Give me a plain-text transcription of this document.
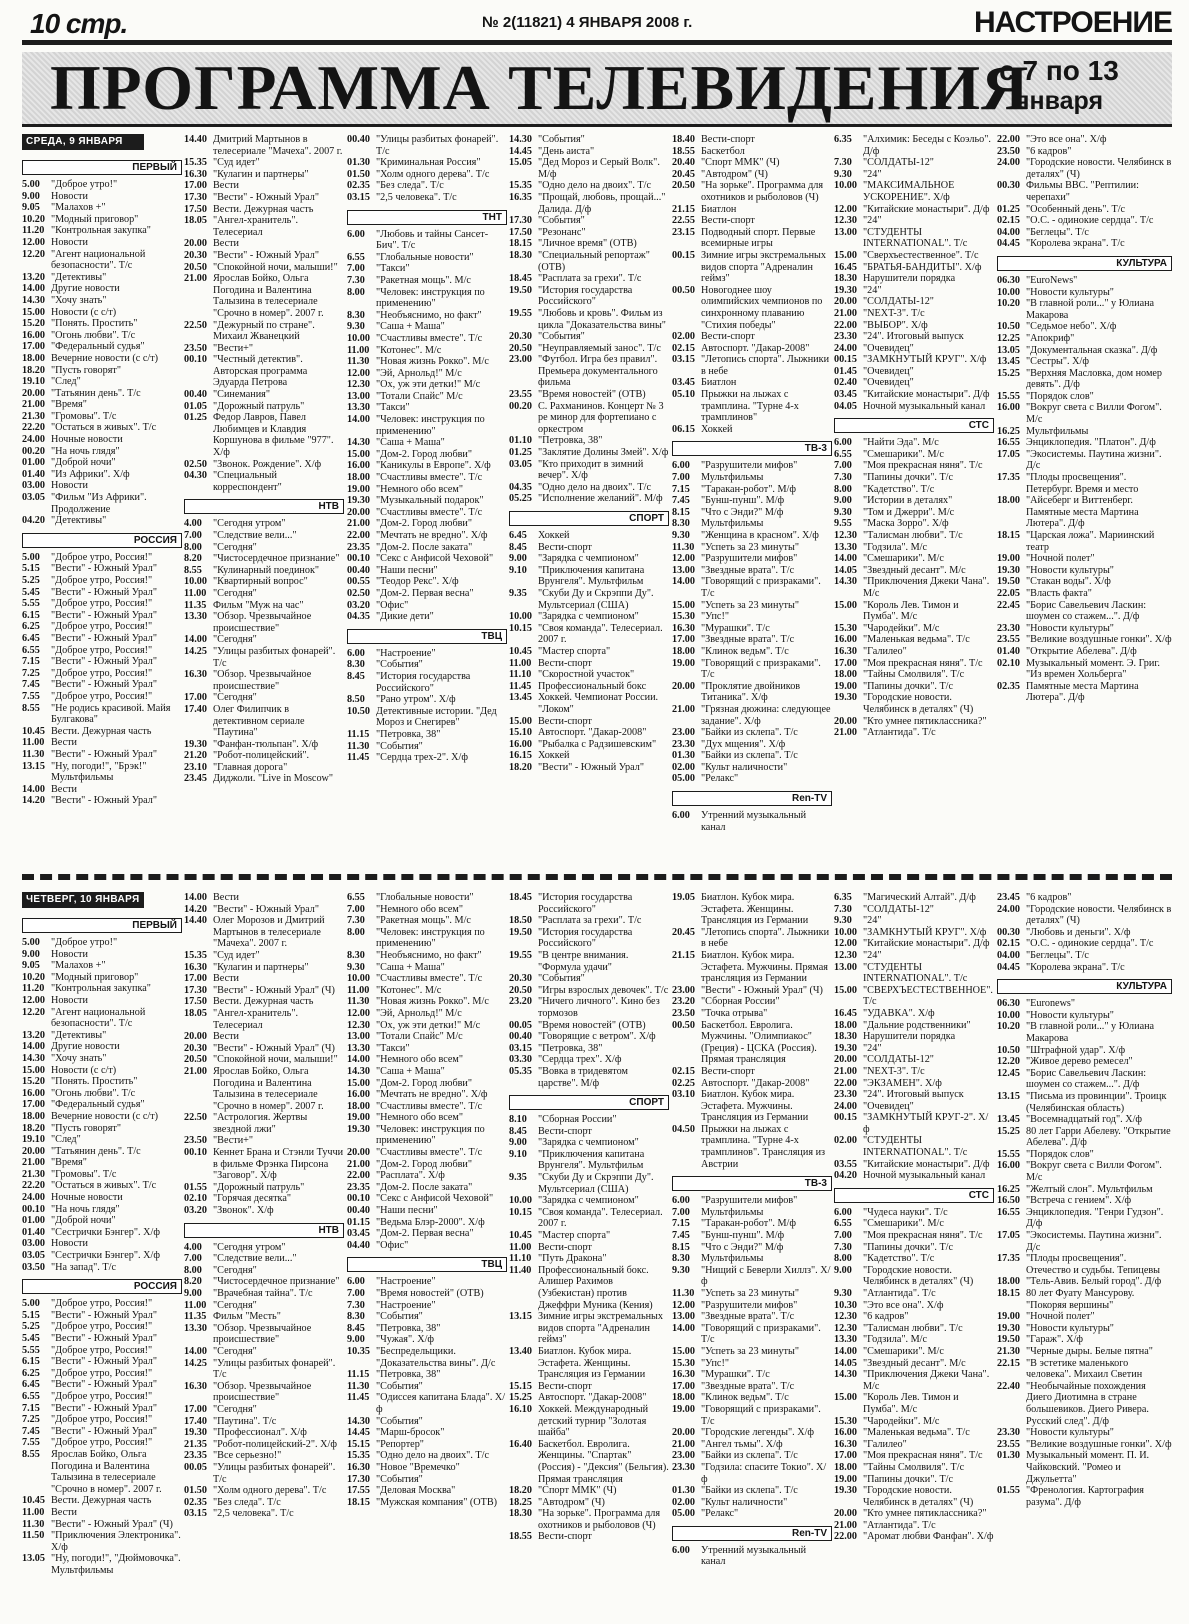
10 стр.	№ 2(11821) 4 ЯНВАРЯ 2008 г.	НАСТРОЕНИЕ
ПРОГРАММА ТЕЛЕВИДЕНИЯ
с 7 по 13
января
СРЕДА, 9 ЯНВАРЯ
ПЕРВЫЙ
5.00	"Доброе утро!"
9.00	Новости
9.05	"Малахов +"
10.20 "Модный приговор"
11.20 "Контрольная закупка"
12.00 Новости
12.20 "Агент национальной безопасности". Т/с
13.20 "Детективы"
14.00 Другие новости
14.30 "Хочу знать"
15.00 Новости (с с/т)
15.20 "Понять. Простить"
16.00 "Огонь любви". Т/с
17.00 "Федеральный судья"
18.00 Вечерние новости (с с/т)
18.20 "Пусть говорят"
19.10 "След"
20.00 "Татьянин день". Т/с
21.00 "Время"
21.30 "Громовы". Т/с
22.20 "Остаться в живых". Т/с
24.00 Ночные новости
00.20 "На ночь глядя"
01.00 "Доброй ночи"
01.40 "Из Африки". Х/ф
03.00 Новости
03.05 "Фильм "Из Африки". Продолжение
04.20 "Детективы"
РОССИЯ
5.00	"Доброе утро, Россия!"
5.15	"Вести" - Южный Урал"
5.25	"Доброе утро, Россия!"
5.45	"Вести" - Южный Урал"
5.55	"Доброе утро, Россия!"
6.15	"Вести" - Южный Урал"
6.25	"Доброе утро, Россия!"
6.45	"Вести" - Южный Урал"
6.55	"Доброе утро, Россия!"
7.15	"Вести" - Южный Урал"
7.25	"Доброе утро, Россия!"
7.45	"Вести" - Южный Урал"
7.55	"Доброе утро, Россия!"
8.55	"Не родись красивой. Майя Булгакова"
10.45 Вести. Дежурная часть
11.00 Вести
11.30 "Вести" - Южный Урал"
13.15 "Ну, погоди!", "Брэк!" Мультфильмы
14.00 Вести
14.20 "Вести" - Южный Урал"
14.40 Дмитрий Мартынов в телесериале "Мачеха". 2007 г.
15.35 "Суд идет"
16.30 "Кулагин и партнеры"
17.00 Вести
17.30 "Вести" - Южный Урал"
17.50 Вести. Дежурная часть
18.05 "Ангел-хранитель". Телесериал
20.00 Вести
20.30 "Вести" - Южный Урал"
20.50 "Спокойной ночи, малыши!"
21.00 Ярослав Бойко, Ольга Погодина и Валентина Талызина в телесериале "Срочно в номер". 2007 г.
22.50 "Дежурный по стране". Михаил Жванецкий
23.50 "Вести+"
00.10 "Честный детектив". Авторская программа Эдуарда Петрова
00.40 "Синемания"
01.05 "Дорожный патруль"
01.25 Федор Лавров, Павел Любимцев и Клавдия Коршунова в фильме "977". Х/ф
02.50 "Звонок. Рождение". Х/ф
04.30 "Специальный корреспондент"
НТВ
4.00	"Сегодня утром"
7.00	"Следствие вели..."
8.00	"Сегодня"
8.20	"Чистосердечное признание"
8.55	"Кулинарный поединок"
10.00 "Квартирный вопрос"
11.00 "Сегодня"
11.35 Фильм "Муж на час"
13.30 "Обзор. Чрезвычайное происшествие"
14.00 "Сегодня"
14.25 "Улицы разбитых фонарей". Т/с
16.30 "Обзор. Чрезвычайное происшествие"
17.00 "Сегодня"
17.40 Олег Филипчик в детективном сериале "Паутина"
19.30 "Фанфан-тюльпан". Х/ф
21.20 "Робот-полицейский".
23.10 "Главная дорога"
23.45 Диджоли. "Live in Moscow"
00.40 "Улицы разбитых фонарей". Т/с
01.30 "Криминальная Россия"
01.50 "Холм одного дерева". Т/с
02.35 "Без следа". Т/с
03.15 "2,5 человека". Т/с
ТНТ
6.00	"Любовь и тайны Сансет-Бич". Т/с
6.55	"Глобальные новости"
7.00	"Такси"
7.30	"Ракетная мощь". М/с
8.00	"Человек: инструкция по применению"
8.30	"Необъяснимо, но факт"
9.30	"Саша + Маша"
10.00 "Счастливы вместе". Т/с
11.00 "Котонес". М/с
11.30 "Новая жизнь Рокко". М/с
12.00 "Эй, Арнольд!" М/с
12.30 "Ох, уж эти детки!" М/с
13.00 "Тотали Спайс" М/с
13.30 "Такси"
14.00 "Человек: инструкция по применению"
14.30 "Саша + Маша"
15.00 "Дом-2. Город любви"
16.00 "Каникулы в Европе". Х/ф
18.00 "Счастливы вместе". Т/с
19.00 "Немного обо всем"
19.30 "Музыкальный подарок"
20.00 "Счастливы вместе". Т/с
21.00 "Дом-2. Город любви"
22.00 "Мечтать не вредно". Х/ф
23.35 "Дом-2. После заката"
00.10 "Секс с Анфисой Чеховой"
00.40 "Наши песни"
00.55 "Теодор Рекс". Х/ф
02.50 "Дом-2. Первая весна"
03.20 "Офис"
04.35 "Дикие дети"
ТВЦ
6.00	"Настроение"
8.30	"События"
8.45	"История государства Российского"
8.50	"Рано утром". Х/ф
10.50 Детективные истории. "Дед Мороз и Снегирев"
11.15 "Петровка, 38"
11.30 "События"
11.45 "Сердца трех-2". Х/ф
14.30 "События"
14.45 "День аиста"
15.05 "Дед Мороз и Серый Волк". М/ф
15.35 "Одно дело на двоих". Т/с
16.35 "Прощай, любовь, прощай..." Далида. Д/ф
17.30 "События"
17.50 "Резонанс"
18.15 "Личное время" (ОТВ)
18.30 "Специальный репортаж" (ОТВ)
18.45 "Расплата за грехи". Т/с
19.50 "История государства Российского"
19.55 "Любовь и кровь". Фильм из цикла "Доказательства вины"
20.30 "События"
20.50 "Неуправляемый занос". Т/с
23.00 "Футбол. Игра без правил". Премьера документального фильма
23.55 "Время новостей" (ОТВ)
00.20 С. Рахманинов. Концерт № 3 ре минор для фортепиано с оркестром
01.10 "Петровка, 38"
01.25 "Заклятие Долины Змей". Х/ф
03.05 "Кто приходит в зимний вечер". Х/ф
04.35 "Одно дело на двоих". Т/с
05.25 "Исполнение желаний". М/ф
СПОРТ
6.45	Хоккей
8.45	Вести-спорт
9.00	"Зарядка с чемпионом"
9.10	"Приключения капитана Врунгеля". Мультфильм
9.35	"Скуби Ду и Скрэппи Ду". Мультсериал (США)
10.00 "Зарядка с чемпионом"
10.15 "Своя команда". Телесериал. 2007 г.
10.45 "Мастер спорта"
11.00 Вести-спорт
11.10 "Скоростной участок"
11.45 Профессиональный бокс
13.45 Хоккей. Чемпионат России. "Локом"
15.00 Вести-спорт
15.10 Автоспорт. "Дакар-2008"
16.00 "Рыбалка с Радзишевским"
16.15 Хоккей
18.20 "Вести" - Южный Урал"
18.40 Вести-спорт
18.55 Баскетбол
20.40 "Спорт ММК" (Ч)
20.45 "Автодром" (Ч)
20.50 "На зорьке". Программа для охотников и рыболовов (Ч)
21.15 Биатлон
22.55 Вести-спорт
23.15 Подводный спорт. Первые всемирные игры
00.15 Зимние игры экстремальных видов спорта "Адреналин геймз"
00.50 Новогоднее шоу олимпийских чемпионов по синхронному плаванию "Стихия победы"
02.00 Вести-спорт
02.15 Автоспорт. "Дакар-2008"
03.15 "Летопись спорта". Лыжники в небе
03.45 Биатлон
05.10 Прыжки на лыжах с трамплина. "Турне 4-х трамплинов"
06.15 Хоккей
ТВ-3
6.00	"Разрушители мифов"
7.00	Мультфильмы
7.15	"Таракан-робот". М/ф
7.45	"Бунш-пунш". М/ф
8.15	"Что с Энди?" М/ф
8.30	Мультфильмы
9.30	"Женщина в красном". Х/ф
11.30 "Успеть за 23 минуты"
12.00 "Разрушители мифов"
13.00 "Звездные врата". Т/с
14.00 "Говорящий с призраками". Т/с
15.00 "Успеть за 23 минуты"
15.30 "Упс!"
16.30 "Мурашки". Т/с
17.00 "Звездные врата". Т/с
18.00 "Клинок ведьм". Т/с
19.00 "Говорящий с призраками". Т/с
20.00 "Проклятие двойников Титаника". Х/ф
21.00 "Грязная дюжина: следующее задание". Х/ф
23.00 "Байки из склепа". Т/с
23.30 "Дух мщения". Х/ф
01.30 "Байки из склепа". Т/с
02.00 "Культ наличности"
05.00 "Релакс"
Ren-TV
6.00	Утренний музыкальный канал
6.35	"Алхимик: Беседы с Коэльо". Д/ф
7.30	"СОЛДАТЫ-12"
9.30	"24"
10.00 "МАКСИМАЛЬНОЕ УСКОРЕНИЕ". Х/ф
12.00 "Китайские монастыри". Д/ф
12.30 "24"
13.00 "СТУДЕНТЫ INTERNATIONAL". Т/с
15.00 "Сверхъестественное". Т/с
16.45 "БРАТЬЯ-БАНДИТЫ". Х/ф
18.30 Нарушители порядка
19.30 "24"
20.00 "СОЛДАТЫ-12"
21.00 "NEXT-3". Т/с
22.00 "ВЫБОР". Х/ф
23.30 "24". Итоговый выпуск
24.00 "Очевидец"
00.15 "ЗАМКНУТЫЙ КРУГ". Х/ф
01.45 "Очевидец"
02.40 "Очевидец"
03.45 "Китайские монастыри". Д/ф
04.05 Ночной музыкальный канал
СТС
6.00	"Найти Эда". М/с
6.55	"Смешарики". М/с
7.00	"Моя прекрасная няня". Т/с
7.30	"Папины дочки". Т/с
8.00	"Кадетство". Т/с
9.00	"Истории в деталях"
9.30	"Том и Джерри". М/с
9.55	"Маска Зорро". Х/ф
12.30 "Талисман любви". Т/с
13.30 "Годзила". М/с
14.00 "Смешарики". М/с
14.05 "Звездный десант". М/с
14.30 "Приключения Джеки Чана". М/с
15.00 "Король Лев. Тимон и Пумба". М/с
15.30 "Чародейки". М/с
16.00 "Маленькая ведьма". Т/с
16.30 "Галилео"
17.00 "Моя прекрасная няня". Т/с
18.00 "Тайны Смолвиля". Т/с
19.00 "Папины дочки". Т/с
19.30 "Городские новости. Челябинск в деталях" (Ч)
20.00 "Кто умнее пятиклассника?"
21.00 "Атлантида". Т/с
22.00 "Это все она". Х/ф
23.50 "6 кадров"
24.00 "Городские новости. Челябинск в деталях" (Ч)
00.30 Фильмы BBC. "Рептилии: черепахи"
01.25 "Особенный день". Т/с
02.15 "О.С. - одинокие сердца". Т/с
04.00 "Беглецы". Т/с
04.45 "Королева экрана". Т/с
КУЛЬТУРА
06.30 "EuroNews"
10.00 "Новости культуры"
10.20 "В главной роли..." у Юлиана Макарова
10.50 "Седьмое небо". Х/ф
12.25 "Апокриф"
13.05 "Документальная сказка". Д/ф
13.45 "Сестры". Х/ф
15.25 "Верхняя Масловка, дом номер девять". Д/ф
15.55 "Порядок слов"
16.00 "Вокруг света с Вилли Фогом". М/с
16.25 Мультфильмы
16.55 Энциклопедия. "Платон". Д/ф
17.05 "Экосистемы. Паутина жизни". Д/с
17.35 "Плоды просвещения". Петербург. Время и место
18.00 "Айсеберг и Виттенберг. Памятные места Мартина Лютера". Д/ф
18.15 "Царская ложа". Мариинский театр
19.00 "Ночной полет"
19.30 "Новости культуры"
19.50 "Стакан воды". Х/ф
22.05 "Власть факта"
22.45 "Борис Савельевич Ласкин: шоумен со стажем...". Д/ф
23.30 "Новости культуры"
23.55 "Великие воздушные гонки". Х/ф
01.40 "Открытие Абелева". Д/ф
02.10 Музыкальный момент. Э. Григ. "Из времен Хольберга"
02.35 Памятные места Мартина Лютера". Д/ф
ЧЕТВЕРГ, 10 ЯНВАРЯ
ПЕРВЫЙ
5.00	"Доброе утро!"
9.00	Новости
9.05	"Малахов +"
10.20 "Модный приговор"
11.20 "Контрольная закупка"
12.00 Новости
12.20 "Агент национальной безопасности". Т/с
13.20 "Детективы"
14.00 Другие новости
14.30 "Хочу знать"
15.00 Новости (с с/т)
15.20 "Понять. Простить"
16.00 "Огонь любви". Т/с
17.00 "Федеральный судья"
18.00 Вечерние новости (с с/т)
18.20 "Пусть говорят"
19.10 "След"
20.00 "Татьянин день". Т/с
21.00 "Время"
21.30 "Громовы". Т/с
22.20 "Остаться в живых". Т/с
24.00 Ночные новости
00.10 "На ночь глядя"
01.00 "Доброй ночи"
01.40 "Сестрички Бэнгер". Х/ф
03.00 Новости
03.05 "Сестрички Бэнгер". Х/ф
03.50 "На запад". Т/с
РОССИЯ
5.00	"Доброе утро, Россия!"
5.15	"Вести" - Южный Урал"
5.25	"Доброе утро, Россия!"
5.45	"Вести" - Южный Урал"
5.55	"Доброе утро, Россия!"
6.15	"Вести" - Южный Урал"
6.25	"Доброе утро, Россия!"
6.45	"Вести" - Южный Урал"
6.55	"Доброе утро, Россия!"
7.15	"Вести" - Южный Урал"
7.25	"Доброе утро, Россия!"
7.45	"Вести" - Южный Урал"
7.55	"Доброе утро, Россия!"
8.55	Ярослав Бойко, Ольга Погодина и Валентина Талызина в телесериале "Срочно в номер". 2007 г.
10.45 Вести. Дежурная часть
11.00 Вести
11.30 "Вести" - Южный Урал" (Ч)
11.50 "Приключения Электроника". Х/ф
13.05 "Ну, погоди!", "Дюймовочка". Мультфильмы
14.00 Вести
14.20 "Вести" - Южный Урал"
14.40 Олег Морозов и Дмитрий Мартынов в телесериале "Мачеха". 2007 г.
15.35 "Суд идет"
16.30 "Кулагин и партнеры"
17.00 Вести
17.30 "Вести" - Южный Урал" (Ч)
17.50 Вести. Дежурная часть
18.05 "Ангел-хранитель". Телесериал
20.00 Вести
20.30 "Вести" - Южный Урал" (Ч)
20.50 "Спокойной ночи, малыши!"
21.00 Ярослав Бойко, Ольга Погодина и Валентина Талызина в телесериале "Срочно в номер". 2007 г.
22.50 "Астрология. Жертвы звездной лжи"
23.50 "Вести+"
00.10 Кеннет Брана и Стэнли Туччи в фильме Фрэнка Пирсона "Заговор". Х/ф
01.55 "Дорожный патруль"
02.10 "Горячая десятка"
03.20 "Звонок". Х/ф
НТВ
4.00	"Сегодня утром"
7.00	"Следствие вели..."
8.00	"Сегодня"
8.20	"Чистосердечное признание"
9.00	"Врачебная тайна". Т/с
11.00 "Сегодня"
11.35 Фильм "Месть"
13.30 "Обзор. Чрезвычайное происшествие"
14.00 "Сегодня"
14.25 "Улицы разбитых фонарей". Т/с
16.30 "Обзор. Чрезвычайное происшествие"
17.00 "Сегодня"
17.40 "Паутина". Т/с
19.30 "Профессионал". Х/ф
21.35 "Робот-полицейский-2". Х/ф
23.35 "Все серьезно!"
00.05 "Улицы разбитых фонарей". Т/с
01.50 "Холм одного дерева". Т/с
02.35 "Без следа". Т/с
03.15 "2,5 человека". Т/с
6.55	"Глобальные новости"
7.00	"Немного обо всем"
7.30	"Ракетная мощь". М/с
8.00	"Человек: инструкция по применению"
8.30	"Необъяснимо, но факт"
9.30	"Саша + Маша"
10.00 "Счастливы вместе". Т/с
11.00 "Котонес". М/с
11.30 "Новая жизнь Рокко". М/с
12.00 "Эй, Арнольд!" М/с
12.30 "Ох, уж эти детки!" М/с
13.00 "Тотали Спайс" М/с
13.30 "Такси"
14.00 "Немного обо всем"
14.30 "Саша + Маша"
15.00 "Дом-2. Город любви"
16.00 "Мечтать не вредно". Х/ф
18.00 "Счастливы вместе". Т/с
19.00 "Немного обо всем"
19.30 "Человек: инструкция по применению"
20.00 "Счастливы вместе". Т/с
21.00 "Дом-2. Город любви"
22.00 "Расплата". Х/ф
23.35 "Дом-2. После заката"
00.10 "Секс с Анфисой Чеховой"
00.40 "Наши песни"
01.15 "Ведьма Блэр-2000". Х/ф
03.45 "Дом-2. Первая весна"
04.40 "Офис"
ТВЦ
6.00	"Настроение"
7.00	"Время новостей" (ОТВ)
7.30	"Настроение"
8.30	"События"
8.45	"Петровка, 38"
9.00	"Чужая". Х/ф
10.35 "Беспредельщики. "Доказательства вины". Д/с
11.15 "Петровка, 38"
11.30 "События"
11.45 "Одиссея капитана Блада". Х/ф
14.30 "События"
14.45 "Марш-бросок"
15.15 "Репортер"
15.35 "Одно дело на двоих". Т/с
16.30 "Новое "Времечко"
17.30 "События"
17.55 "Деловая Москва"
18.15 "Мужская компания" (ОТВ)
18.45 "История государства Российского"
18.50 "Расплата за грехи". Т/с
19.50 "История государства Российского"
19.55 "В центре внимания. "Формула удачи"
20.30 "События"
20.50 "Игры взрослых девочек". Т/с
23.20 "Ничего личного". Кино без тормозов
00.05 "Время новостей" (ОТВ)
00.40 "Говорящие с ветром". Х/ф
03.15 "Петровка, 38"
03.30 "Сердца трех". Х/ф
05.35 "Вовка в тридевятом царстве". М/ф
СПОРТ
8.10	"Сборная России"
8.45	Вести-спорт
9.00	"Зарядка с чемпионом"
9.10	"Приключения капитана Врунгеля". Мультфильм
9.35	"Скуби Ду и Скрэппи Ду". Мультсериал (США)
10.00 "Зарядка с чемпионом"
10.15 "Своя команда". Телесериал. 2007 г.
10.45 "Мастер спорта"
11.00 Вести-спорт
11.10 "Путь Дракона"
11.40 Профессиональный бокс. Алишер Рахимов (Узбекистан) против Джеффри Муника (Кения)
13.15 Зимние игры экстремальных видов спорта "Адреналин геймз"
13.40 Биатлон. Кубок мира. Эстафета. Женщины. Трансляция из Германии
15.15 Вести-спорт
15.25 Автоспорт. "Дакар-2008"
16.10 Хоккей. Международный детский турнир "Золотая шайба"
16.40 Баскетбол. Евролига. Женщины. "Спартак" (Россия) - "Дексия" (Бельгия). Прямая трансляция
18.20 "Спорт ММК" (Ч)
18.25 "Автодром" (Ч)
18.30 "На зорьке". Программа для охотников и рыболовов (Ч)
18.55 Вести-спорт
19.05 Биатлон. Кубок мира. Эстафета. Женщины. Трансляция из Германии
20.45 "Летопись спорта". Лыжники в небе
21.15 Биатлон. Кубок мира. Эстафета. Мужчины. Прямая трансляция из Германии
23.00 "Вести" - Южный Урал" (Ч)
23.20 "Сборная России"
23.50 "Точка отрыва"
00.50 Баскетбол. Евролига. Мужчины. "Олимпиакос" (Греция) - ЦСКА (Россия). Прямая трансляция
02.15 Вести-спорт
02.25 Автоспорт. "Дакар-2008"
03.10 Биатлон. Кубок мира. Эстафета. Мужчины. Трансляция из Германии
04.50 Прыжки на лыжах с трамплина. "Турне 4-х трамплинов". Трансляция из Австрии
ТВ-3
6.00	"Разрушители мифов"
7.00	Мультфильмы
7.15	"Таракан-робот". М/ф
7.45	"Бунш-пунш". М/ф
8.15	"Что с Энди?" М/ф
8.30	Мультфильмы
9.30	"Нищий с Беверли Хиллз". Х/ф
11.30 "Успеть за 23 минуты"
12.00 "Разрушители мифов"
13.00 "Звездные врата". Т/с
14.00 "Говорящий с призраками". Т/с
15.00 "Успеть за 23 минуты"
15.30 "Упс!"
16.30 "Мурашки". Т/с
17.00 "Звездные врата". Т/с
18.00 "Клинок ведьм". Т/с
19.00 "Говорящий с призраками". Т/с
20.00 "Городские легенды". Х/ф
21.00 "Ангел тьмы". Х/ф
23.00 "Байки из склепа". Т/с
23.30 "Годзила: спасите Токио". Х/ф
01.30 "Байки из склепа". Т/с
02.00 "Культ наличности"
05.00 "Релакс"
Ren-TV
6.00	Утренний музыкальный канал
6.35	"Магический Алтай". Д/ф
7.30	"СОЛДАТЫ-12"
9.30	"24"
10.00 "ЗАМКНУТЫЙ КРУГ". Х/ф
12.00 "Китайские монастыри". Д/ф
12.30 "24"
13.00 "СТУДЕНТЫ INTERNATIONAL". Т/с
15.00 "СВЕРХЪЕСТЕСТВЕННОЕ". Т/с
16.45 "УДАВКА". Х/ф
18.00 "Дальние родственники"
18.30 Нарушители порядка
19.30 "24"
20.00 "СОЛДАТЫ-12"
21.00 "NEXT-3". Т/с
22.00 "ЭКЗАМЕН". Х/ф
23.30 "24". Итоговый выпуск
24.00 "Очевидец"
00.15 "ЗАМКНУТЫЙ КРУГ-2". Х/ф
02.00 "СТУДЕНТЫ INTERNATIONAL". Т/с
03.55 "Китайские монастыри". Д/ф
04.20 Ночной музыкальный канал
СТС
6.00	"Чудеса науки". Т/с
6.55	"Смешарики". М/с
7.00	"Моя прекрасная няня". Т/с
7.30	"Папины дочки". Т/с
8.00	"Кадетство". Т/с
9.00	"Городские новости. Челябинск в деталях" (Ч)
9.30	"Атлантида". Т/с
10.30 "Это все она". Х/ф
12.30 "6 кадров"
12.30 "Талисман любви". Т/с
13.30 "Годзила". М/с
14.00 "Смешарики". М/с
14.05 "Звездный десант". М/с
14.30 "Приключения Джеки Чана". М/с
15.00 "Король Лев. Тимон и Пумба". М/с
15.30 "Чародейки". М/с
16.00 "Маленькая ведьма". Т/с
16.30 "Галилео"
17.00 "Моя прекрасная няня". Т/с
18.00 "Тайны Смолвиля". Т/с
19.00 "Папины дочки". Т/с
19.30 "Городские новости. Челябинск в деталях" (Ч)
20.00 "Кто умнее пятиклассника?"
21.00 "Атлантида". Т/с
22.00 "Аромат любви Фанфан". Х/ф
23.45 "6 кадров"
24.00 "Городские новости. Челябинск в деталях" (Ч)
00.30 "Любовь и деньги". Х/ф
02.15 "О.С. - одинокие сердца". Т/с
04.00 "Беглецы". Т/с
04.45 "Королева экрана". Т/с
КУЛЬТУРА
06.30 "Euronews"
10.00 "Новости культуры"
10.20 "В главной роли..." у Юлиана Макарова
10.50 "Штрафной удар". Х/ф
12.20 "Живое дерево ремесел"
12.45 "Борис Савельевич Ласкин: шоумен со стажем...". Д/ф
13.15 "Письма из провинции". Троицк (Челябинская область)
13.45 "Восемнадцатый год". Х/ф
15.25 80 лет Гарри Абелеву. "Открытие Абелева". Д/ф
15.55 "Порядок слов"
16.00 "Вокруг света с Вилли Фогом". М/с
16.25 "Желтый слон". Мультфильм
16.50 "Встреча с гением". Х/ф
16.55 Энциклопедия. "Генри Гудзон". Д/ф
17.05 "Экосистемы. Паутина жизни". Д/с
17.35 "Плоды просвещения". Отечество и судьбы. Тепицевы
18.00 "Тель-Авив. Белый город". Д/ф
18.15 80 лет Фуату Мансурову. "Покоряя вершины"
19.00 "Ночной полет"
19.30 "Новости культуры"
19.50 "Гараж". Х/ф
21.30 "Черные дыры. Белые пятна"
22.15 "В эстетике маленького человека". Михаил Светин
22.40 "Необычайные похождения Диего Диотимна в стране большевиков. Диего Ривера. Русский след". Д/ф
23.30 "Новости культуры"
23.55 "Великие воздушные гонки". Х/ф
01.30 Музыкальный момент. П. И. Чайковский. "Ромео и Джульетта"
01.55 "Френология. Картография разума". Д/ф
